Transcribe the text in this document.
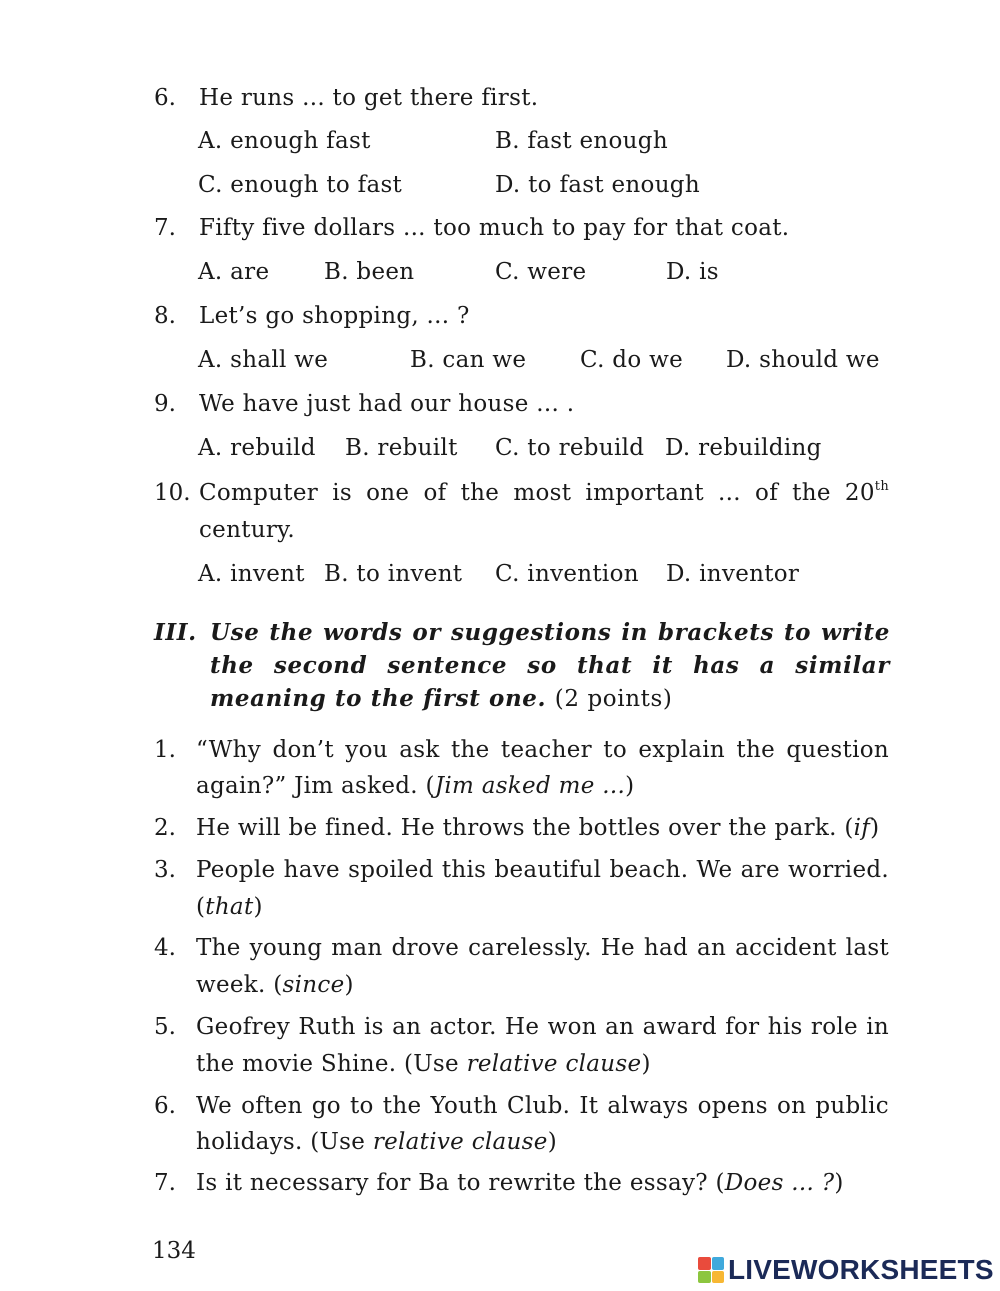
6. He runs ... to get there first.
A. enough fast	B. fast enough
C. enough to fast	D. to fast enough
7. Fifty five dollars ... too much to pay for that coat.
A. are B. been	C. were	D. is
8. Let’s go shopping, ... ?
A. shall we	B. can we C. do we D. should we
9. We have just had our house ... .
A. rebuild B. rebuilt C. to rebuild D. rebuilding
10. Computer is one of the most important ... of the 20th
century.
A. invent B. to invent C. invention D. inventor
III. Use the words or suggestions in brackets to write
the second sentence so that it has a similar
meaning to the first one. (2 points)
1. “Why don’t you ask the teacher to explain the question
again?” Jim asked. (Jim asked me ...)
2. He will be fined. He throws the bottles over the park. (if)
3. People have spoiled this beautiful beach. We are worried.
(that)
4. The young man drove carelessly. He had an accident last
week. (since)
5. Geofrey Ruth is an actor. He won an award for his role in
the movie Shine. (Use relative clause)
6. We often go to the Youth Club. It always opens on public
holidays. (Use relative clause)
7. Is it necessary for Ba to rewrite the essay? (Does ... ?)
134
LIVEWORKSHEETS
